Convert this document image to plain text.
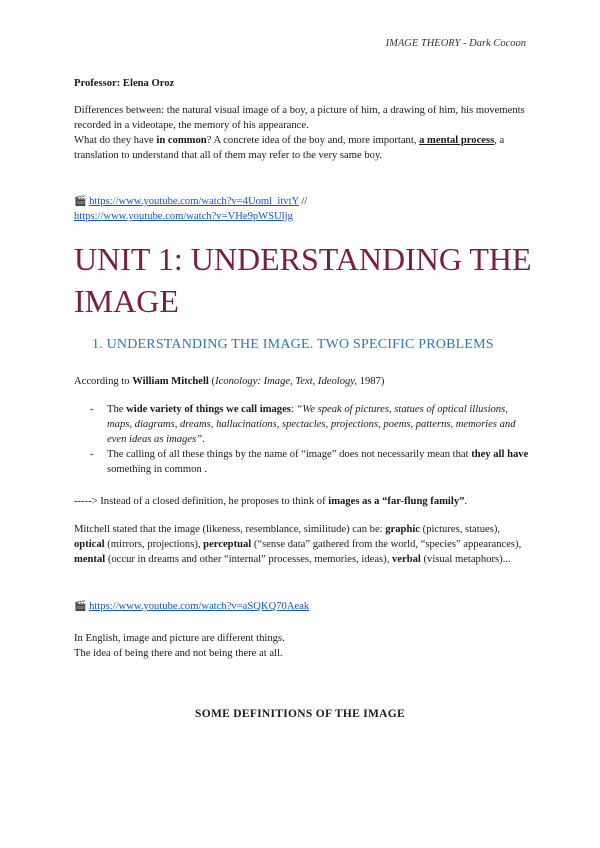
IMAGE THEORY - Dark Cocoon
Professor: Elena Oroz
Differences between: the natural visual image of a boy, a picture of him, a drawing of him, his movements recorded in a videotape, the memory of his appearance.
What do they have in common? A concrete idea of the boy and, more important, a mental process, a translation to understand that all of them may refer to the very same boy.
🎬 https://www.youtube.com/watch?v=4Uoml_itvtY //
https://www.youtube.com/watch?v=VHe9pWSUljg
UNIT 1: UNDERSTANDING THE IMAGE
1. UNDERSTANDING THE IMAGE. TWO SPECIFIC PROBLEMS
According to William Mitchell (Iconology: Image, Text, Ideology, 1987)
- The wide variety of things we call images: “We speak of pictures, statues of optical illusions, maps, diagrams, dreams, hallucinations, spectacles, projections, poems, patterns, memories and even ideas as images”.
- The calling of all these things by the name of “image” does not necessarily mean that they all have something in common .
-----> Instead of a closed definition, he proposes to think of images as a “far-flung family”.
Mitchell stated that the image (likeness, resemblance, similitude) can be: graphic (pictures, statues), optical (mirrors, projections), perceptual (“sense data” gathered from the world, “species” appearances), mental (occur in dreams and other “internal” processes, memories, ideas), verbal (visual metaphors)...
🎬 https://www.youtube.com/watch?v=aSQKQ70Aeak
In English, image and picture are different things.
The idea of being there and not being there at all.
SOME DEFINITIONS OF THE IMAGE
